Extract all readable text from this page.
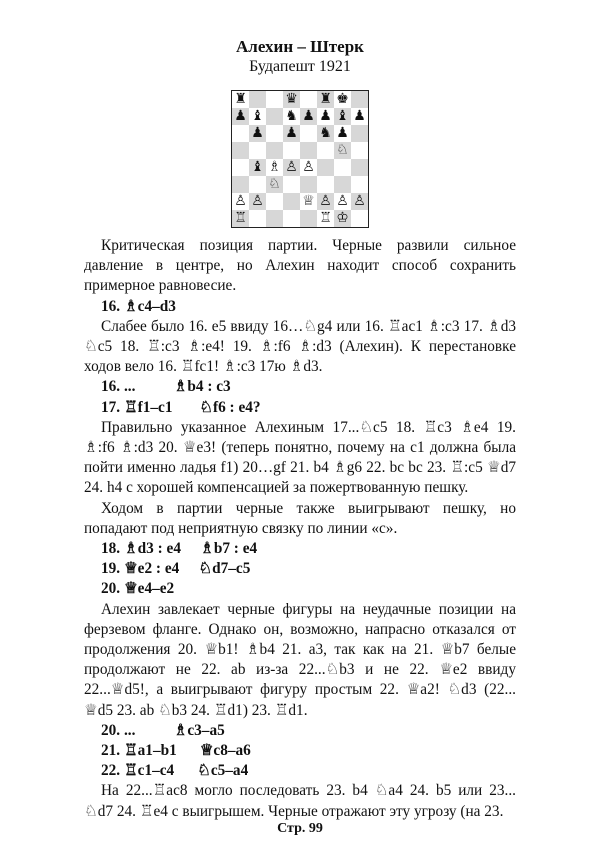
Алехин – Штерк
Будапешт 1921
♜	♛ ♜ ♚
♟ ♝ ♞ ♟ ♟ ♝ ♟
♟ ♟ ♞ ♟
♘
♝ ♗ ♙ ♙
♘
♙ ♙	♕ ♙ ♙ ♙
♖	♖ ♔

Критическая позиция партии. Черные развили сильное давление в центре, но Алехин находит способ сохранить примерное равновесие.

16. ♗c4–d3

Слабее было 16. e5 ввиду 16…♘g4 или 16. ♖ac1 ♗:c3 17. ♗d3 ♘c5 18. ♖:c3 ♗:e4! 19. ♗:f6 ♗:d3 (Алехин). К перестановке ходов вело 16. ♖fc1! ♗:c3 17ю ♗d3.

16. ...          ♗b4 : c3
17. ♖f1–c1       ♘f6 : e4?

Правильно указанное Алехиным 17...♘c5 18. ♖c3 ♗e4 19. ♗:f6 ♗:d3 20. ♕e3! (теперь понятно, почему на c1 должна была пойти именно ладья f1) 20…gf 21. b4 ♗g6 22. bc bc 23. ♖:c5 ♕d7 24. h4 с хорошей компенсацией за пожертвованную пешку.

Ходом в партии черные также выигрывают пешку, но попадают под неприятную связку по линии «c».

18. ♗d3 : e4     ♗b7 : e4
19. ♕e2 : e4     ♘d7–c5
20. ♕e4–e2

Алехин завлекает черные фигуры на неудачные позиции на ферзевом фланге. Однако он, возможно, напрасно отказался от продолжения 20. ♕b1! ♗b4 21. a3, так как на 21. ♕b7 белые продолжают не 22. ab из-за 22...♘b3 и не 22. ♕e2 ввиду 22...♕d5!, а выигрывают фигуру простым 22. ♕a2! ♘d3 (22... ♕d5 23. ab ♘b3 24. ♖d1) 23. ♖d1.

20. ...          ♗c3–a5
21. ♖a1–b1      ♕c8–a6
22. ♖c1–c4      ♘c5–a4

На 22...♖ac8 могло последовать 23. b4 ♘a4 24. b5 или 23... ♘d7 24. ♖e4 с выигрышем. Черные отражают эту угрозу (на 23.

Стр. 99
